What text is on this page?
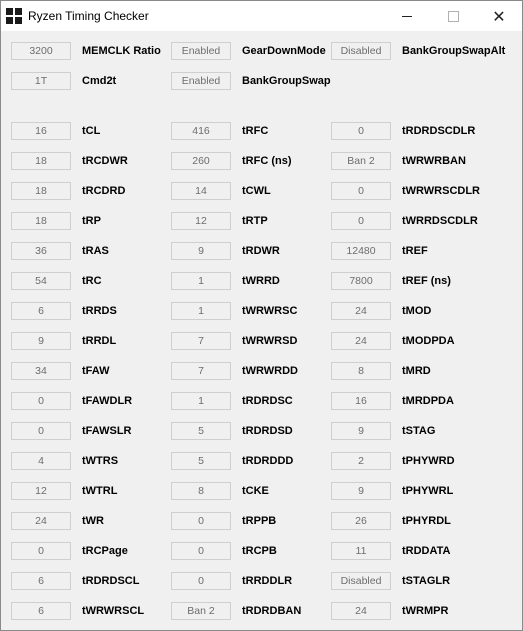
Ryzen Timing Checker	✕
3200	MEMCLK Ratio	Enabled	GearDownMode	Disabled	BankGroupSwapAlt
1T	Cmd2t	Enabled	BankGroupSwap
16	tCL	416	tRFC	0	tRDRDSCDLR
18	tRCDWR	260	tRFC (ns)	Ban 2	tWRWRBAN
18	tRCDRD	14	tCWL	0	tWRWRSCDLR
18	tRP	12	tRTP	0	tWRRDSCDLR
36	tRAS	9	tRDWR	12480	tREF
54	tRC	1	tWRRD	7800	tREF (ns)
6	tRRDS	1	tWRWRSC	24	tMOD
9	tRRDL	7	tWRWRSD	24	tMODPDA
34	tFAW	7	tWRWRDD	8	tMRD
0	tFAWDLR	1	tRDRDSC	16	tMRDPDA
0	tFAWSLR	5	tRDRDSD	9	tSTAG
4	tWTRS	5	tRDRDDD	2	tPHYWRD
12	tWTRL	8	tCKE	9	tPHYWRL
24	tWR	0	tRPPB	26	tPHYRDL
0	tRCPage	0	tRCPB	11	tRDDATA
6	tRDRDSCL	0	tRRDDLR	Disabled	tSTAGLR
6	tWRWRSCL	Ban 2	tRDRDBAN	24	tWRMPR
